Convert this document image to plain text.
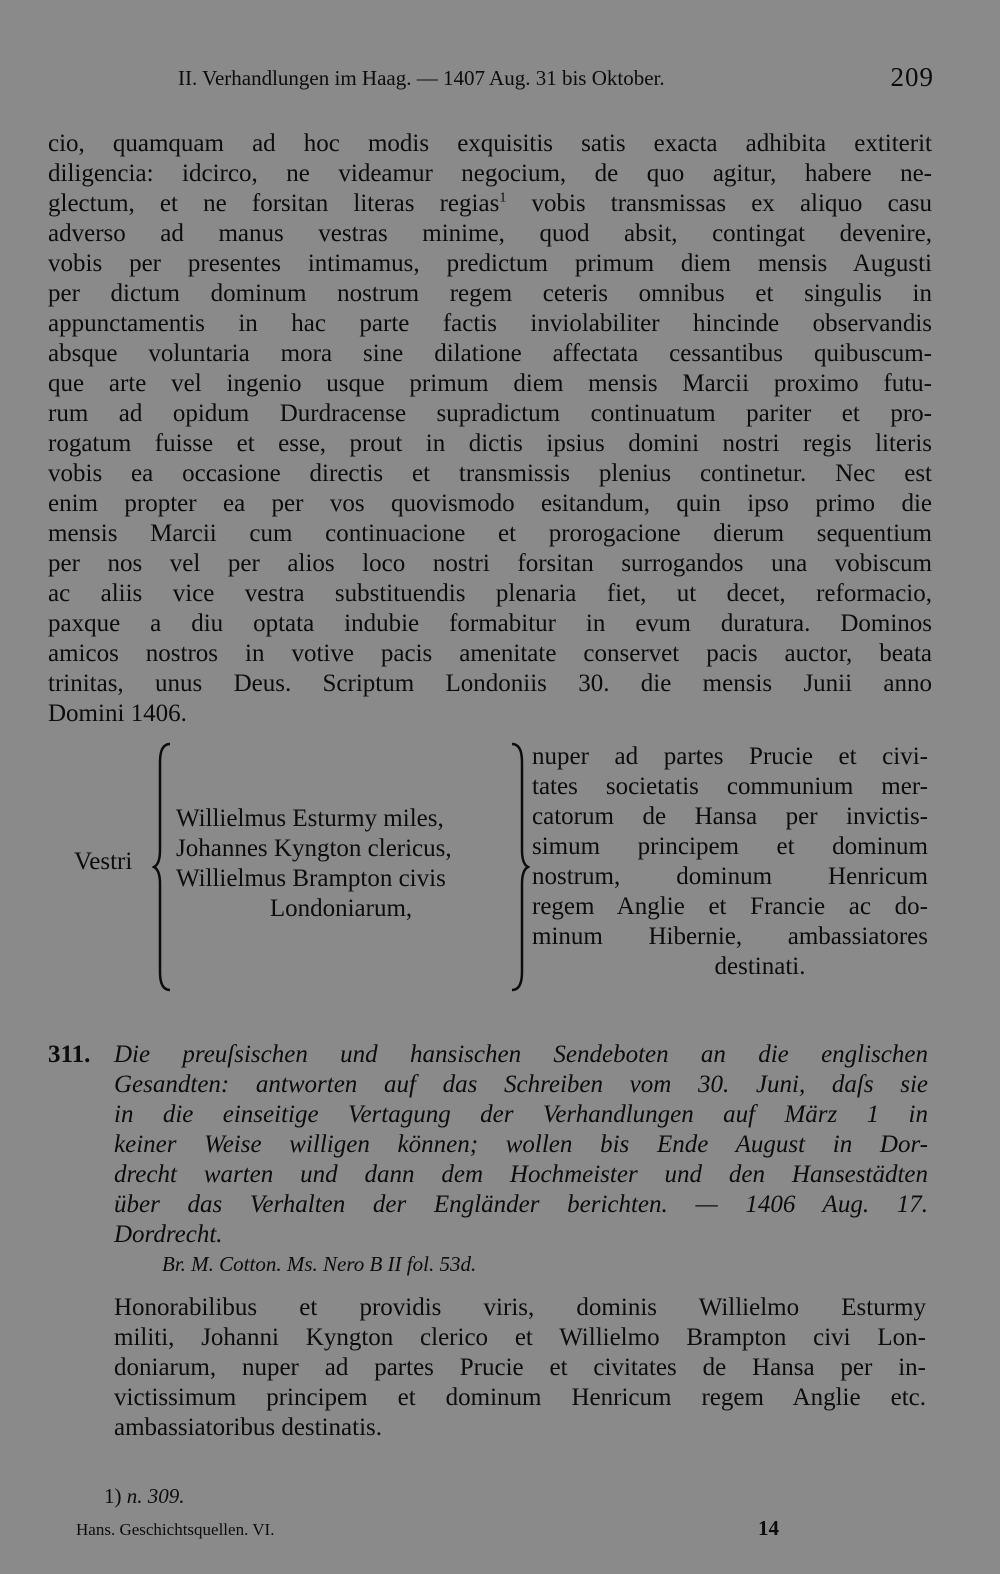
II. Verhandlungen im Haag. — 1407 Aug. 31 bis Oktober.	209
cio, quamquam ad hoc modis exquisitis satis exacta adhibita extiterit
diligencia: idcirco, ne videamur negocium, de quo agitur, habere ne-
glectum, et ne forsitan literas regias$^1$ vobis transmissas ex aliquo casu
adverso ad manus vestras minime, quod absit, contingat devenire,
vobis per presentes intimamus, predictum primum diem mensis Augusti
per dictum dominum nostrum regem ceteris omnibus et singulis in
appunctamentis in hac parte factis inviolabiliter hincinde observandis
absque voluntaria mora sine dilatione affectata cessantibus quibuscum-
que arte vel ingenio usque primum diem mensis Marcii proximo futu-
rum ad opidum Durdracense supradictum continuatum pariter et pro-
rogatum fuisse et esse, prout in dictis ipsius domini nostri regis literis
vobis ea occasione directis et transmissis plenius continetur. Nec est
enim propter ea per vos quovismodo esitandum, quin ipso primo die
mensis Marcii cum continuacione et prorogacione dierum sequentium
per nos vel per alios loco nostri forsitan surrogandos una vobiscum
ac aliis vice vestra substituendis plenaria fiet, ut decet, reformacio,
paxque a diu optata indubie formabitur in evum duratura. Dominos
amicos nostros in votive pacis amenitate conservet pacis auctor, beata
trinitas, unus Deus. Scriptum Londoniis 30. die mensis Junii anno
Domini 1406.
Vestri
Willielmus Esturmy miles,
Johannes Kyngton clericus,
Willielmus Brampton civis
Londoniarum,
nuper ad partes Prucie et civi-
tates societatis communium mer-
catorum de Hansa per invictis-
simum principem et dominum
nostrum, dominum Henricum
regem Anglie et Francie ac do-
minum Hibernie, ambassiatores
destinati.
311. Die preuſsischen und hansischen Sendeboten an die englischen
Gesandten: antworten auf das Schreiben vom 30. Juni, daſs sie
in die einseitige Vertagung der Verhandlungen auf März 1 in
keiner Weise willigen können; wollen bis Ende August in Dor-
drecht warten und dann dem Hochmeister und den Hansestädten
über das Verhalten der Engländer berichten. — 1406 Aug. 17.
Dordrecht.
Br. M. Cotton. Ms. Nero B II fol. 53d.
Honorabilibus et providis viris, dominis Willielmo Esturmy
militi, Johanni Kyngton clerico et Willielmo Brampton civi Lon-
doniarum, nuper ad partes Prucie et civitates de Hansa per in-
victissimum principem et dominum Henricum regem Anglie etc.
ambassiatoribus destinatis.
1) n. 309.
Hans. Geschichtsquellen. VI.	14
